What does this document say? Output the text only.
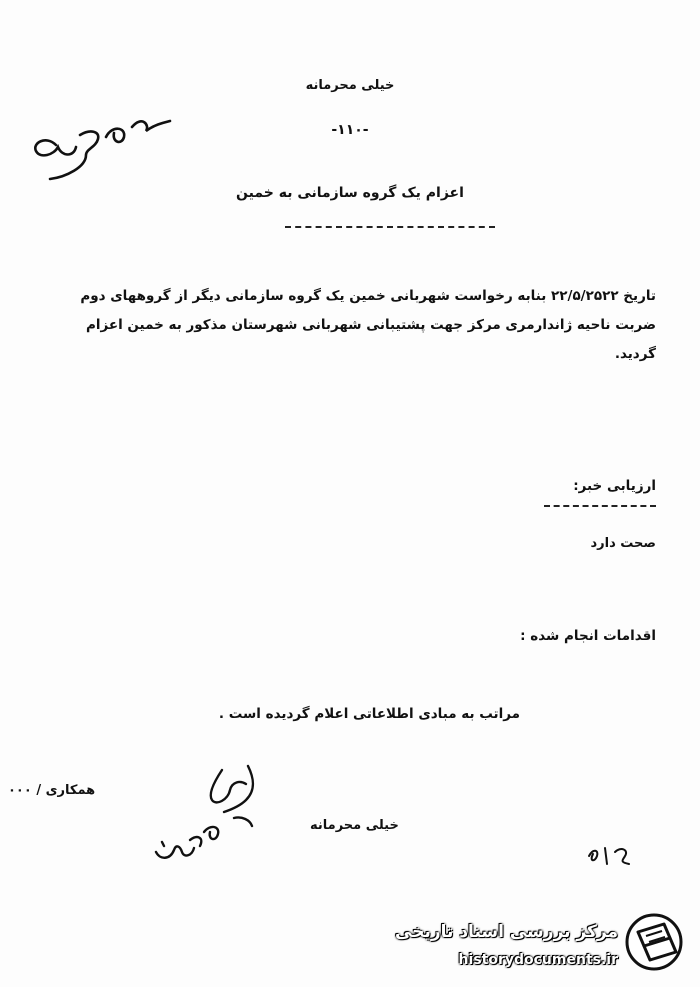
خیلی محرمانه
-۱۱۰-
اعزام یک گروه سازمانی به خمین

تاریخ ۲۲/۵/۲۵۲۲ بنابه رخواست شهربانی خمین یک گروه سازمانی دیگر از گروههای دوم

ضربت ناحیه ژاندارمری مرکز جهت پشتیبانی شهربانی شهرستان مذکور به خمین اعزام

گردید.

ارزیابی خبر:
صحت دارد
اقدامات انجام شده :
مراتب به مبادی اطلاعاتی اعلام گردیده است .
همکاری / ۰۰۰
خیلی محرمانه
مرکز بررسی اسناد تاریخی
historydocuments.ir
